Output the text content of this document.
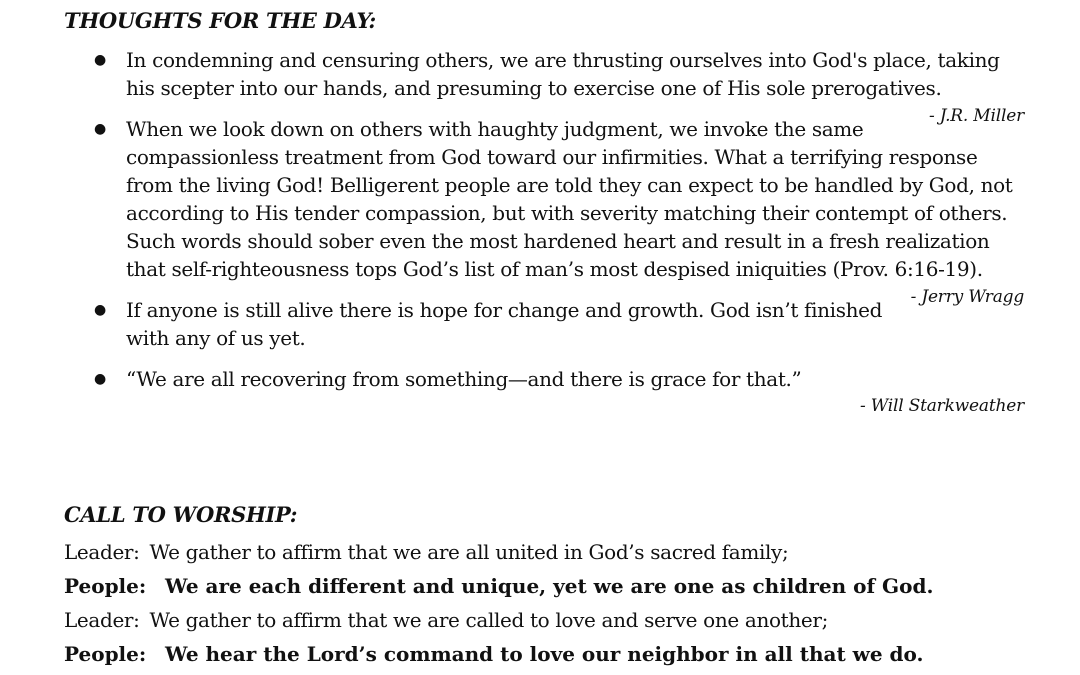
THOUGHTS FOR THE DAY:
● In condemning and censuring others, we are thrusting ourselves into God's place, taking his scepter into our hands, and presuming to exercise one of His sole prerogatives.
- J.R. Miller
● When we look down on others with haughty judgment, we invoke the same compassionless treatment from God toward our infirmities. What a terrifying response from the living God! Belligerent people are told they can expect to be handled by God, not according to His tender compassion, but with severity matching their contempt of others. Such words should sober even the most hardened heart and result in a fresh realization that self-righteousness tops God’s list of man’s most despised iniquities (Prov. 6:16-19).
- Jerry Wragg
● If anyone is still alive there is hope for change and growth. God isn’t finished with any of us yet.
● “We are all recovering from something—and there is grace for that.”
- Will Starkweather
CALL TO WORSHIP:

Leader: We gather to affirm that we are all united in God’s sacred family;

People: We are each different and unique, yet we are one as children of God.

Leader: We gather to affirm that we are called to love and serve one another;

People: We hear the Lord’s command to love our neighbor in all that we do.
